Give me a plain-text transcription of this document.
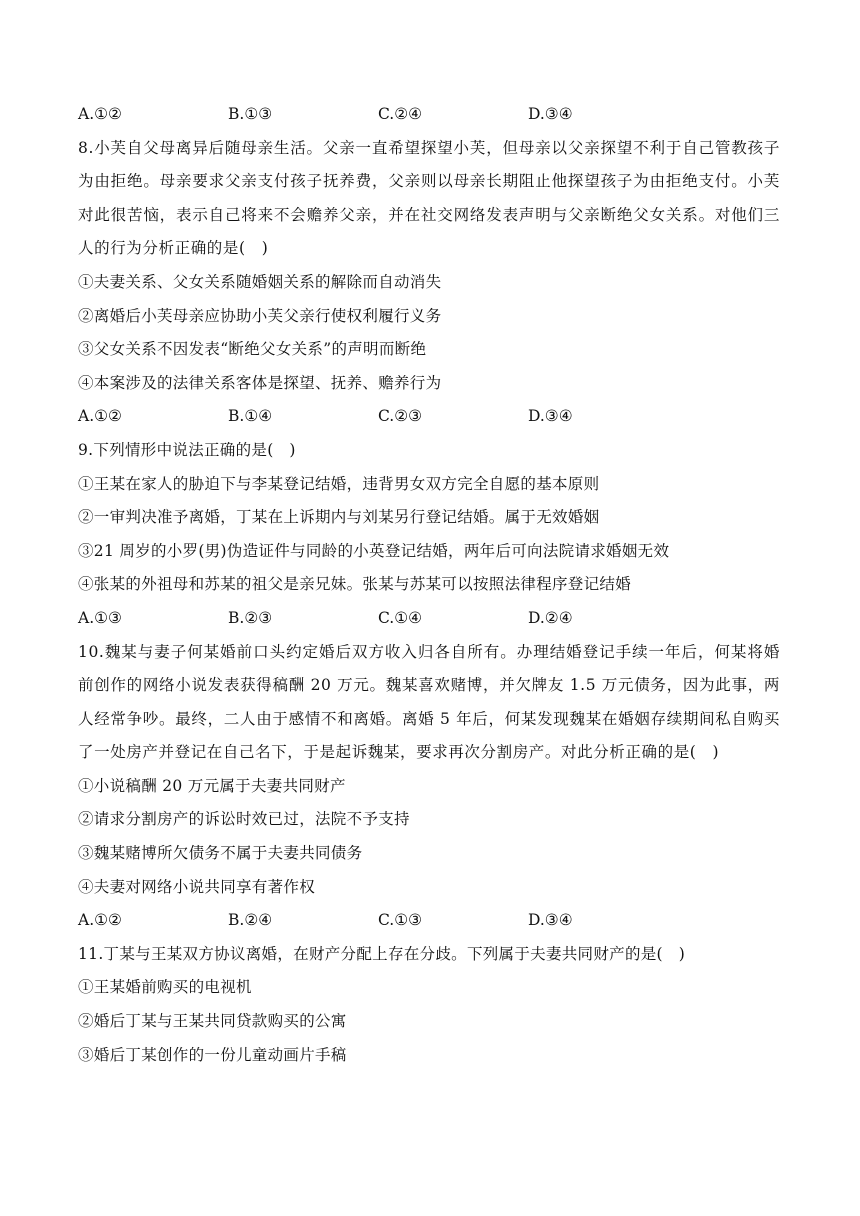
A.①②	B.①③	C.②④	D.③④
8.小芙自父母离异后随母亲生活。父亲一直希望探望小芙，但母亲以父亲探望不利于自己管教孩子为由拒绝。母亲要求父亲支付孩子抚养费，父亲则以母亲长期阻止他探望孩子为由拒绝支付。小芙对此很苦恼，表示自己将来不会赡养父亲，并在社交网络发表声明与父亲断绝父女关系。对他们三人的行为分析正确的是(　)
①夫妻关系、父女关系随婚姻关系的解除而自动消失
②离婚后小芙母亲应协助小芙父亲行使权利履行义务
③父女关系不因发表“断绝父女关系”的声明而断绝
④本案涉及的法律关系客体是探望、抚养、赡养行为
A.①②	B.①④	C.②③	D.③④
9.下列情形中说法正确的是(　)
①王某在家人的胁迫下与李某登记结婚，违背男女双方完全自愿的基本原则
②一审判决准予离婚，丁某在上诉期内与刘某另行登记结婚。属于无效婚姻
③21 周岁的小罗(男)伪造证件与同龄的小英登记结婚，两年后可向法院请求婚姻无效
④张某的外祖母和苏某的祖父是亲兄妹。张某与苏某可以按照法律程序登记结婚
A.①③	B.②③	C.①④	D.②④
10.魏某与妻子何某婚前口头约定婚后双方收入归各自所有。办理结婚登记手续一年后，何某将婚前创作的网络小说发表获得稿酬 20 万元。魏某喜欢赌博，并欠牌友 1.5 万元债务，因为此事，两人经常争吵。最终，二人由于感情不和离婚。离婚 5 年后，何某发现魏某在婚姻存续期间私自购买了一处房产并登记在自己名下，于是起诉魏某，要求再次分割房产。对此分析正确的是(　)
①小说稿酬 20 万元属于夫妻共同财产
②请求分割房产的诉讼时效已过，法院不予支持
③魏某赌博所欠债务不属于夫妻共同债务
④夫妻对网络小说共同享有著作权
A.①②	B.②④	C.①③	D.③④
11.丁某与王某双方协议离婚，在财产分配上存在分歧。下列属于夫妻共同财产的是(　)
①王某婚前购买的电视机
②婚后丁某与王某共同贷款购买的公寓
③婚后丁某创作的一份儿童动画片手稿
